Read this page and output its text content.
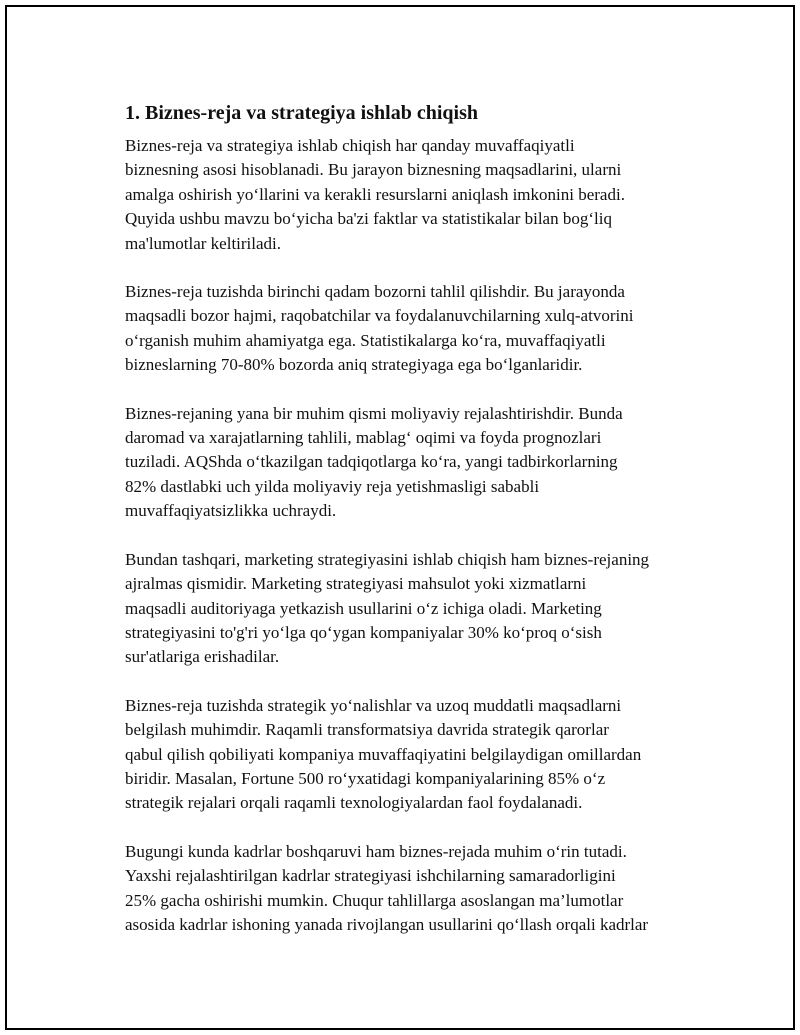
1. Biznes-reja va strategiya ishlab chiqish

Biznes-reja va strategiya ishlab chiqish har qanday muvaffaqiyatli
biznesning asosi hisoblanadi. Bu jarayon biznesning maqsadlarini, ularni
amalga oshirish yo‘llarini va kerakli resurslarni aniqlash imkonini beradi.
Quyida ushbu mavzu bo‘yicha ba'zi faktlar va statistikalar bilan bog‘liq
ma'lumotlar keltiriladi.

Biznes-reja tuzishda birinchi qadam bozorni tahlil qilishdir. Bu jarayonda
maqsadli bozor hajmi, raqobatchilar va foydalanuvchilarning xulq-atvorini
o‘rganish muhim ahamiyatga ega. Statistikalarga ko‘ra, muvaffaqiyatli
bizneslarning 70-80% bozorda aniq strategiyaga ega bo‘lganlaridir.

Biznes-rejaning yana bir muhim qismi moliyaviy rejalashtirishdir. Bunda
daromad va xarajatlarning tahlili, mablag‘ oqimi va foyda prognozlari
tuziladi. AQShda o‘tkazilgan tadqiqotlarga ko‘ra, yangi tadbirkorlarning
82% dastlabki uch yilda moliyaviy reja yetishmasligi sababli
muvaffaqiyatsizlikka uchraydi.

Bundan tashqari, marketing strategiyasini ishlab chiqish ham biznes-rejaning
ajralmas qismidir. Marketing strategiyasi mahsulot yoki xizmatlarni
maqsadli auditoriyaga yetkazish usullarini o‘z ichiga oladi. Marketing
strategiyasini to'g'ri yo‘lga qo‘ygan kompaniyalar 30% ko‘proq o‘sish
sur'atlariga erishadilar.

Biznes-reja tuzishda strategik yo‘nalishlar va uzoq muddatli maqsadlarni
belgilash muhimdir. Raqamli transformatsiya davrida strategik qarorlar
qabul qilish qobiliyati kompaniya muvaffaqiyatini belgilaydigan omillardan
biridir. Masalan, Fortune 500 ro‘yxatidagi kompaniyalarining 85% o‘z
strategik rejalari orqali raqamli texnologiyalardan faol foydalanadi.

Bugungi kunda kadrlar boshqaruvi ham biznes-rejada muhim o‘rin tutadi.
Yaxshi rejalashtirilgan kadrlar strategiyasi ishchilarning samaradorligini
25% gacha oshirishi mumkin. Chuqur tahlillarga asoslangan ma’lumotlar
asosida kadrlar ishoning yanada rivojlangan usullarini qo‘llash orqali kadrlar
